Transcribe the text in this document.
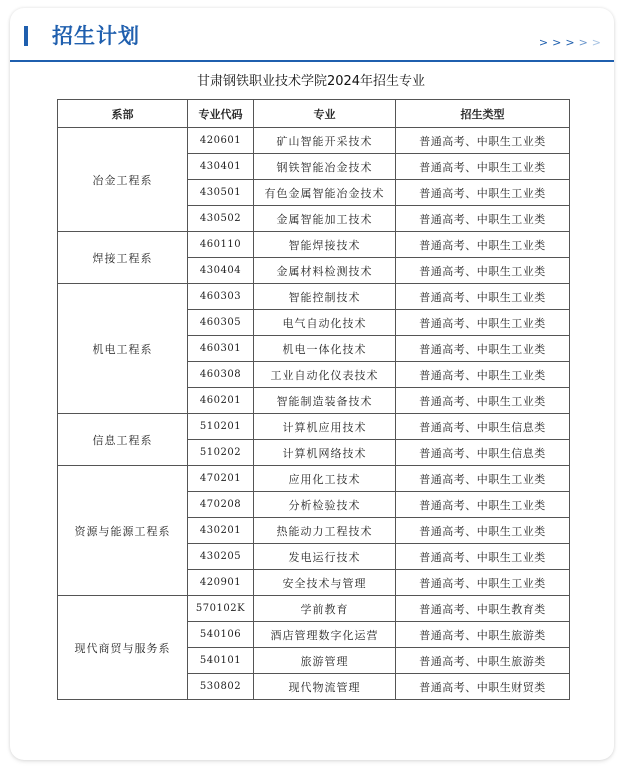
招生计划	> > > > >
甘肃钢铁职业技术学院2024年招生专业
系部	专业代码	专业	招生类型
冶金工程系	420601	矿山智能开采技术	普通高考、中职生工业类
	430401	钢铁智能冶金技术	普通高考、中职生工业类
	430501	有色金属智能冶金技术	普通高考、中职生工业类
	430502	金属智能加工技术	普通高考、中职生工业类
焊接工程系	460110	智能焊接技术	普通高考、中职生工业类
	430404	金属材料检测技术	普通高考、中职生工业类
机电工程系	460303	智能控制技术	普通高考、中职生工业类
	460305	电气自动化技术	普通高考、中职生工业类
	460301	机电一体化技术	普通高考、中职生工业类
	460308	工业自动化仪表技术	普通高考、中职生工业类
	460201	智能制造装备技术	普通高考、中职生工业类
信息工程系	510201	计算机应用技术	普通高考、中职生信息类
	510202	计算机网络技术	普通高考、中职生信息类
资源与能源工程系	470201	应用化工技术	普通高考、中职生工业类
	470208	分析检验技术	普通高考、中职生工业类
	430201	热能动力工程技术	普通高考、中职生工业类
	430205	发电运行技术	普通高考、中职生工业类
	420901	安全技术与管理	普通高考、中职生工业类
现代商贸与服务系	570102K	学前教育	普通高考、中职生教育类
	540106	酒店管理数字化运营	普通高考、中职生旅游类
	540101	旅游管理	普通高考、中职生旅游类
	530802	现代物流管理	普通高考、中职生财贸类
